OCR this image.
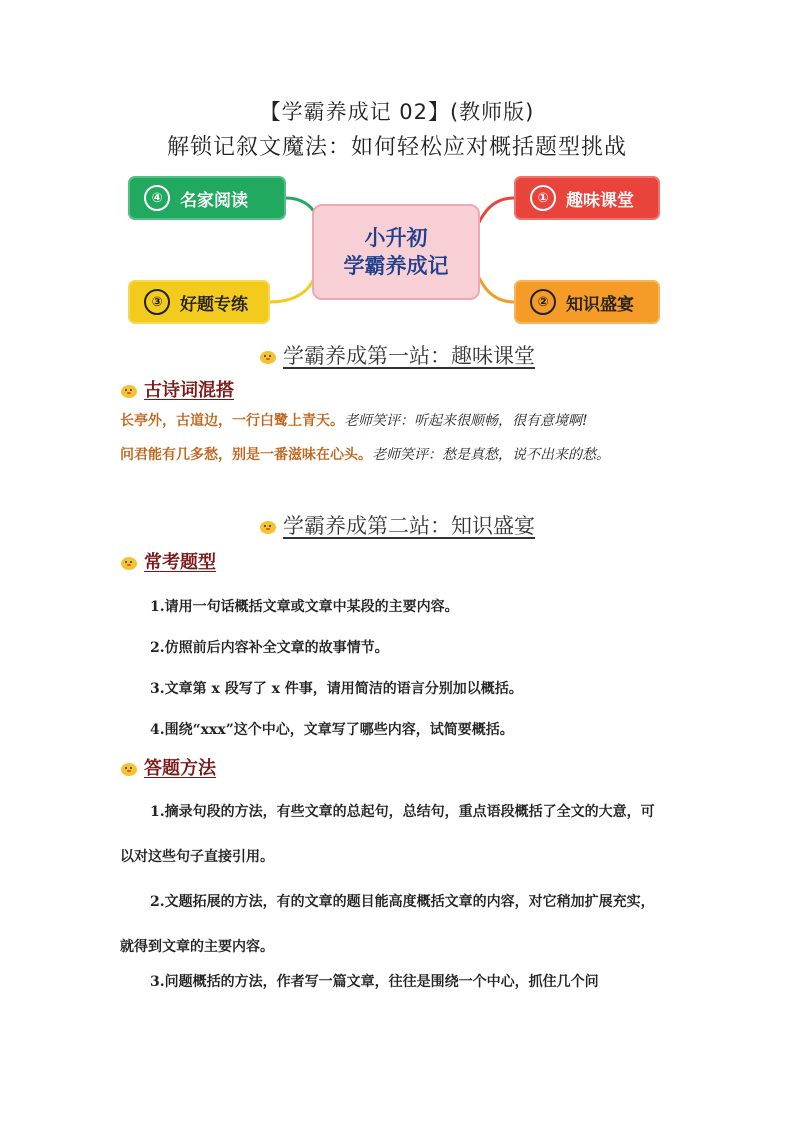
【学霸养成记 02】(教师版)
解锁记叙文魔法：如何轻松应对概括题型挑战
④	名家阅读
③	好题专练
①	趣味课堂
②	知识盛宴
小升初
学霸养成记
学霸养成第一站：趣味课堂
古诗词混搭
长亭外，古道边，一行白鹭上青天。老师笑评：听起来很顺畅，很有意境啊!
问君能有几多愁，别是一番滋味在心头。老师笑评：愁是真愁，说不出来的愁。
学霸养成第二站：知识盛宴
常考题型
1.请用一句话概括文章或文章中某段的主要内容。
2.仿照前后内容补全文章的故事情节。
3.文章第 x 段写了 x 件事，请用简洁的语言分别加以概括。
4.围绕“xxx”这个中心，文章写了哪些内容，试简要概括。
答题方法
1.摘录句段的方法，有些文章的总起句，总结句，重点语段概括了全文的大意，可以对这些句子直接引用。
2.文题拓展的方法，有的文章的题目能高度概括文章的内容，对它稍加扩展充实，就得到文章的主要内容。
3.问题概括的方法，作者写一篇文章，往往是围绕一个中心，抓住几个问
